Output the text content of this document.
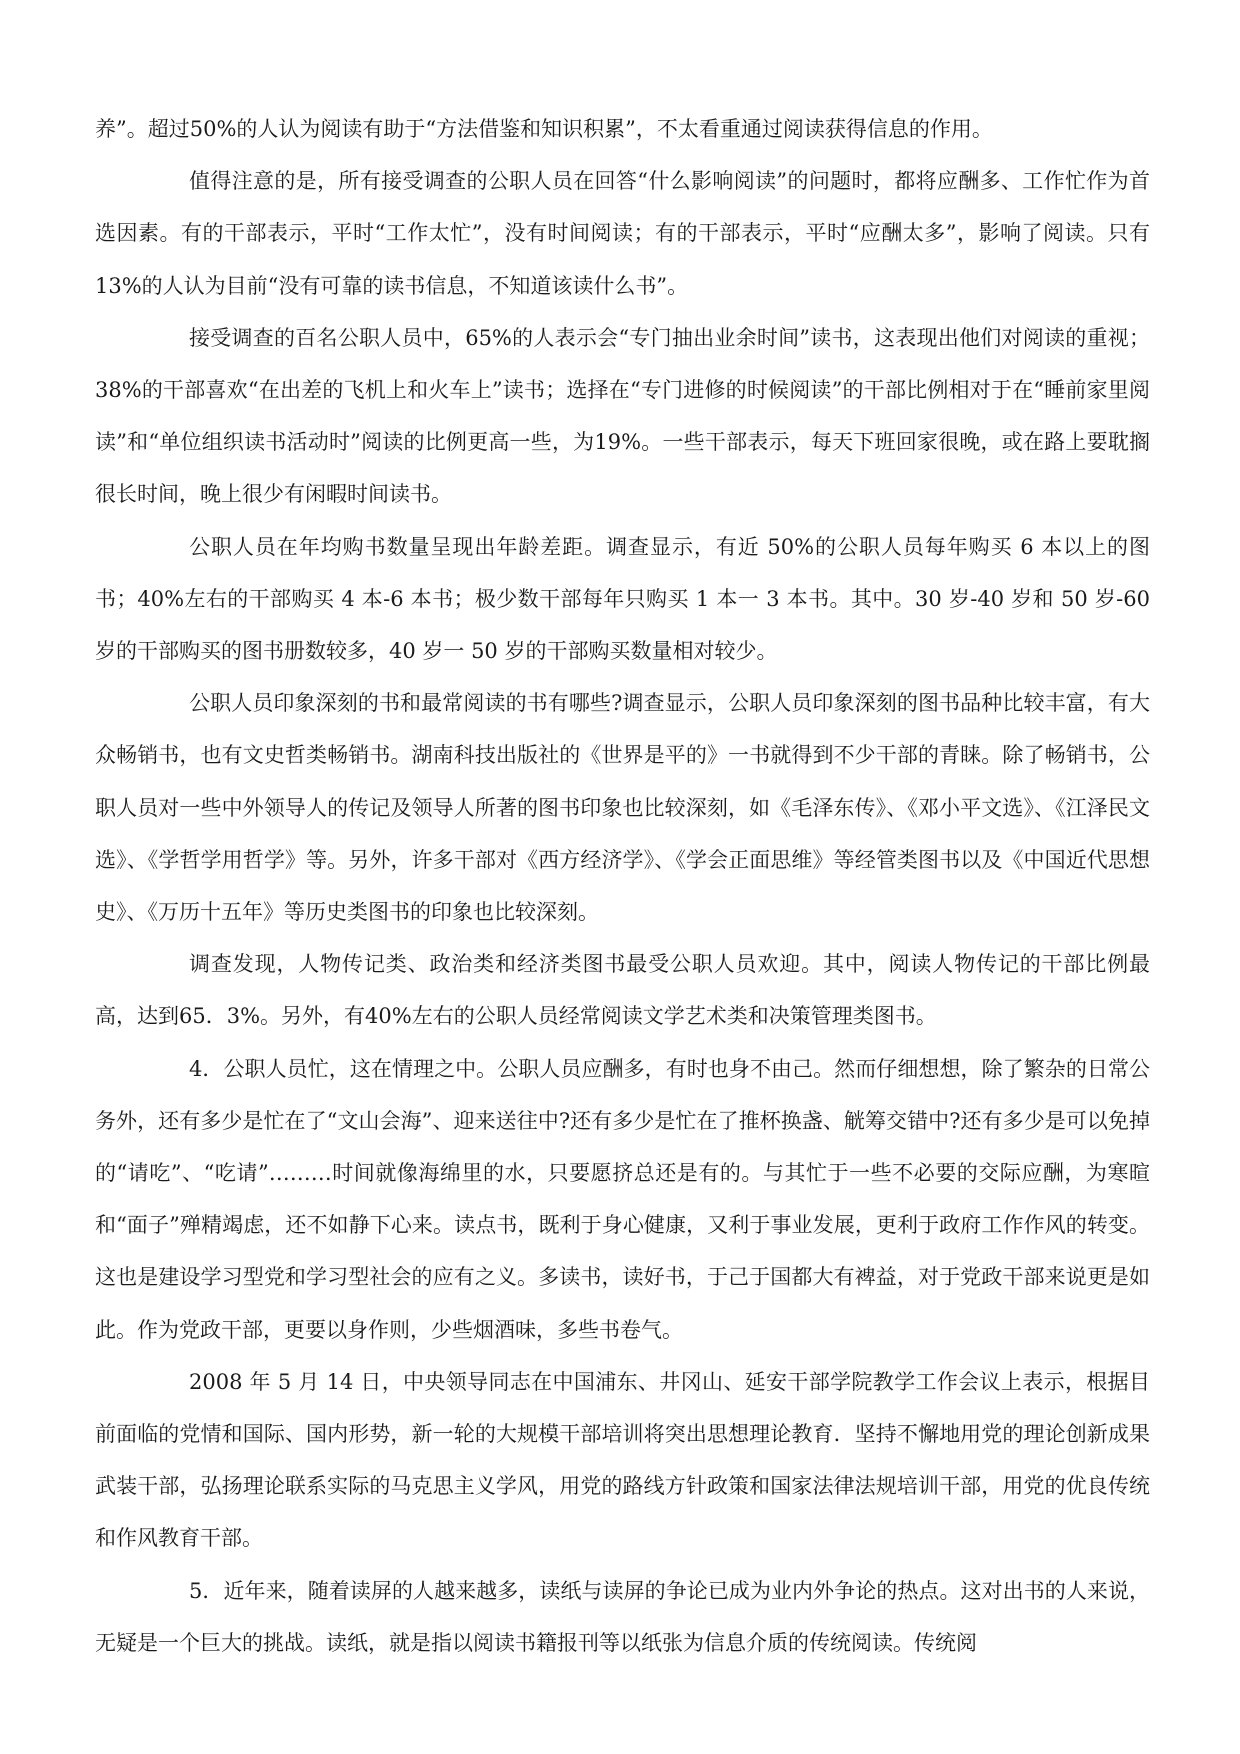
养”。超过50%的人认为阅读有助于“方法借鉴和知识积累”，不太看重通过阅读获得信息的作用。

值得注意的是，所有接受调查的公职人员在回答“什么影响阅读”的问题时，都将应酬多、工作忙作为首选因素。有的干部表示，平时“工作太忙”，没有时间阅读；有的干部表示，平时“应酬太多”，影响了阅读。只有13%的人认为目前“没有可靠的读书信息，不知道该读什么书”。

接受调查的百名公职人员中，65%的人表示会“专门抽出业余时间”读书，这表现出他们对阅读的重视；38%的干部喜欢“在出差的飞机上和火车上”读书；选择在“专门进修的时候阅读”的干部比例相对于在“睡前家里阅读”和“单位组织读书活动时”阅读的比例更高一些，为19%。一些干部表示，每天下班回家很晚，或在路上要耽搁很长时间，晚上很少有闲暇时间读书。

公职人员在年均购书数量呈现出年龄差距。调查显示，有近 50%的公职人员每年购买 6 本以上的图书；40%左右的干部购买 4 本-6 本书；极少数干部每年只购买 1 本一 3 本书。其中。30 岁-40 岁和 50 岁-60 岁的干部购买的图书册数较多，40 岁一 50 岁的干部购买数量相对较少。

公职人员印象深刻的书和最常阅读的书有哪些?调查显示，公职人员印象深刻的图书品种比较丰富，有大众畅销书，也有文史哲类畅销书。湖南科技出版社的《世界是平的》一书就得到不少干部的青睐。除了畅销书，公职人员对一些中外领导人的传记及领导人所著的图书印象也比较深刻，如《毛泽东传》、《邓小平文选》、《江泽民文选》、《学哲学用哲学》等。另外，许多干部对《西方经济学》、《学会正面思维》等经管类图书以及《中国近代思想史》、《万历十五年》等历史类图书的印象也比较深刻。

调查发现，人物传记类、政治类和经济类图书最受公职人员欢迎。其中，阅读人物传记的干部比例最高，达到65．3%。另外，有40%左右的公职人员经常阅读文学艺术类和决策管理类图书。

4．公职人员忙，这在情理之中。公职人员应酬多，有时也身不由己。然而仔细想想，除了繁杂的日常公务外，还有多少是忙在了“文山会海”、迎来送往中?还有多少是忙在了推杯换盏、觥筹交错中?还有多少是可以免掉的“请吃”、“吃请”………时间就像海绵里的水，只要愿挤总还是有的。与其忙于一些不必要的交际应酬，为寒暄和“面子”殚精竭虑，还不如静下心来。读点书，既利于身心健康，又利于事业发展，更利于政府工作作风的转变。这也是建设学习型党和学习型社会的应有之义。多读书，读好书，于己于国都大有裨益，对于党政干部来说更是如此。作为党政干部，更要以身作则，少些烟酒味，多些书卷气。

2008 年 5 月 14 日，中央领导同志在中国浦东、井冈山、延安干部学院教学工作会议上表示，根据目前面临的党情和国际、国内形势，新一轮的大规模干部培训将突出思想理论教育．坚持不懈地用党的理论创新成果武装干部，弘扬理论联系实际的马克思主义学风，用党的路线方针政策和国家法律法规培训干部，用党的优良传统和作风教育干部。

5．近年来，随着读屏的人越来越多，读纸与读屏的争论已成为业内外争论的热点。这对出书的人来说，无疑是一个巨大的挑战。读纸，就是指以阅读书籍报刊等以纸张为信息介质的传统阅读。传统阅
